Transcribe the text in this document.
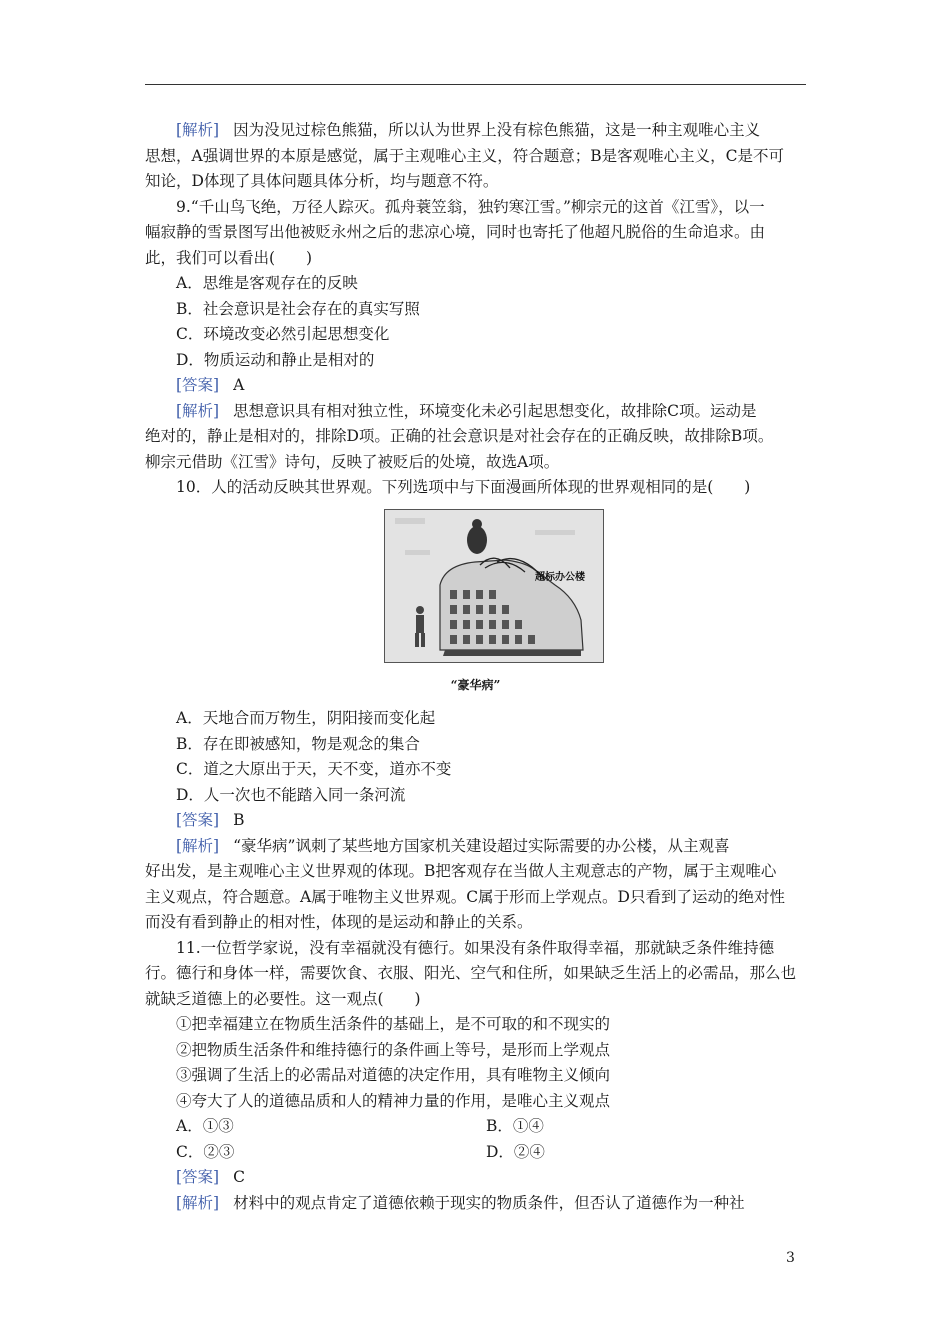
[解析] 因为没见过棕色熊猫，所以认为世界上没有棕色熊猫，这是一种主观唯心主义

思想，A强调世界的本原是感觉，属于主观唯心主义，符合题意；B是客观唯心主义，C是不可

知论，D体现了具体问题具体分析，均与题意不符。

9.“千山鸟飞绝，万径人踪灭。孤舟蓑笠翁，独钓寒江雪。”柳宗元的这首《江雪》，以一

幅寂静的雪景图写出他被贬永州之后的悲凉心境，同时也寄托了他超凡脱俗的生命追求。由

此，我们可以看出(　　)

A．思维是客观存在的反映

B．社会意识是社会存在的真实写照

C．环境改变必然引起思想变化

D．物质运动和静止是相对的

[答案] A

[解析] 思想意识具有相对独立性，环境变化未必引起思想变化，故排除C项。运动是

绝对的，静止是相对的，排除D项。正确的社会意识是对社会存在的正确反映，故排除B项。

柳宗元借助《江雪》诗句，反映了被贬后的处境，故选A项。

10．人的活动反映其世界观。下列选项中与下面漫画所体现的世界观相同的是(　　)

超标办公楼

“豪华病”

A．天地合而万物生，阴阳接而变化起

B．存在即被感知，物是观念的集合

C．道之大原出于天，天不变，道亦不变

D．人一次也不能踏入同一条河流

[答案] B

[解析] “豪华病”讽刺了某些地方国家机关建设超过实际需要的办公楼，从主观喜

好出发，是主观唯心主义世界观的体现。B把客观存在当做人主观意志的产物，属于主观唯心

主义观点，符合题意。A属于唯物主义世界观。C属于形而上学观点。D只看到了运动的绝对性

而没有看到静止的相对性，体现的是运动和静止的关系。

11.一位哲学家说，没有幸福就没有德行。如果没有条件取得幸福，那就缺乏条件维持德

行。德行和身体一样，需要饮食、衣服、阳光、空气和住所，如果缺乏生活上的必需品，那么也

就缺乏道德上的必要性。这一观点(　　)

①把幸福建立在物质生活条件的基础上，是不可取的和不现实的

②把物质生活条件和维持德行的条件画上等号，是形而上学观点

③强调了生活上的必需品对道德的决定作用，具有唯物主义倾向

④夸大了人的道德品质和人的精神力量的作用，是唯心主义观点

A．①③	B．①④
C．②③	D．②④

[答案] C

[解析] 材料中的观点肯定了道德依赖于现实的物质条件，但否认了道德作为一种社

3
